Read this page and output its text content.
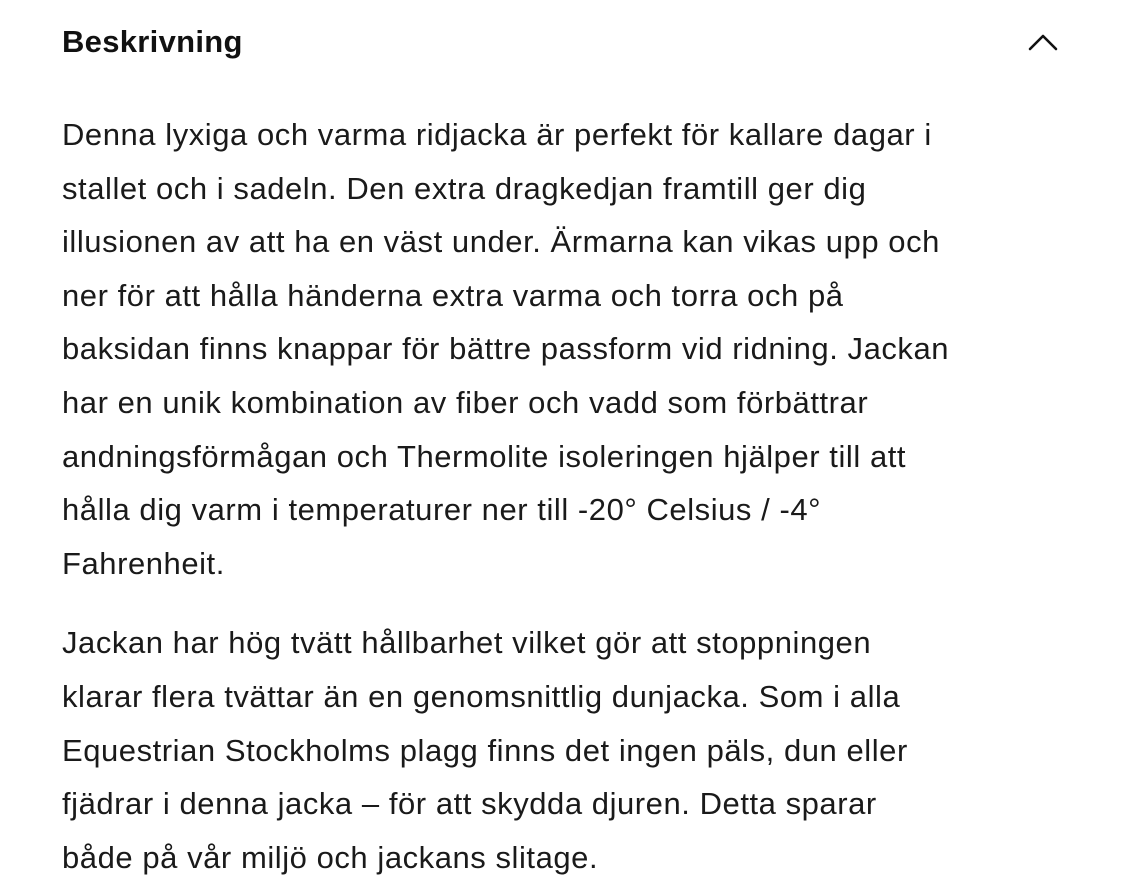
Beskrivning

Denna lyxiga och varma ridjacka är perfekt för kallare dagar i
stallet och i sadeln. Den extra dragkedjan framtill ger dig
illusionen av att ha en väst under. Ärmarna kan vikas upp och
ner för att hålla händerna extra varma och torra och på
baksidan finns knappar för bättre passform vid ridning. Jackan
har en unik kombination av fiber och vadd som förbättrar
andningsförmågan och Thermolite isoleringen hjälper till att
hålla dig varm i temperaturer ner till -20° Celsius / -4°
Fahrenheit.

Jackan har hög tvätt hållbarhet vilket gör att stoppningen
klarar flera tvättar än en genomsnittlig dunjacka. Som i alla
Equestrian Stockholms plagg finns det ingen päls, dun eller
fjädrar i denna jacka – för att skydda djuren. Detta sparar
både på vår miljö och jackans slitage.
